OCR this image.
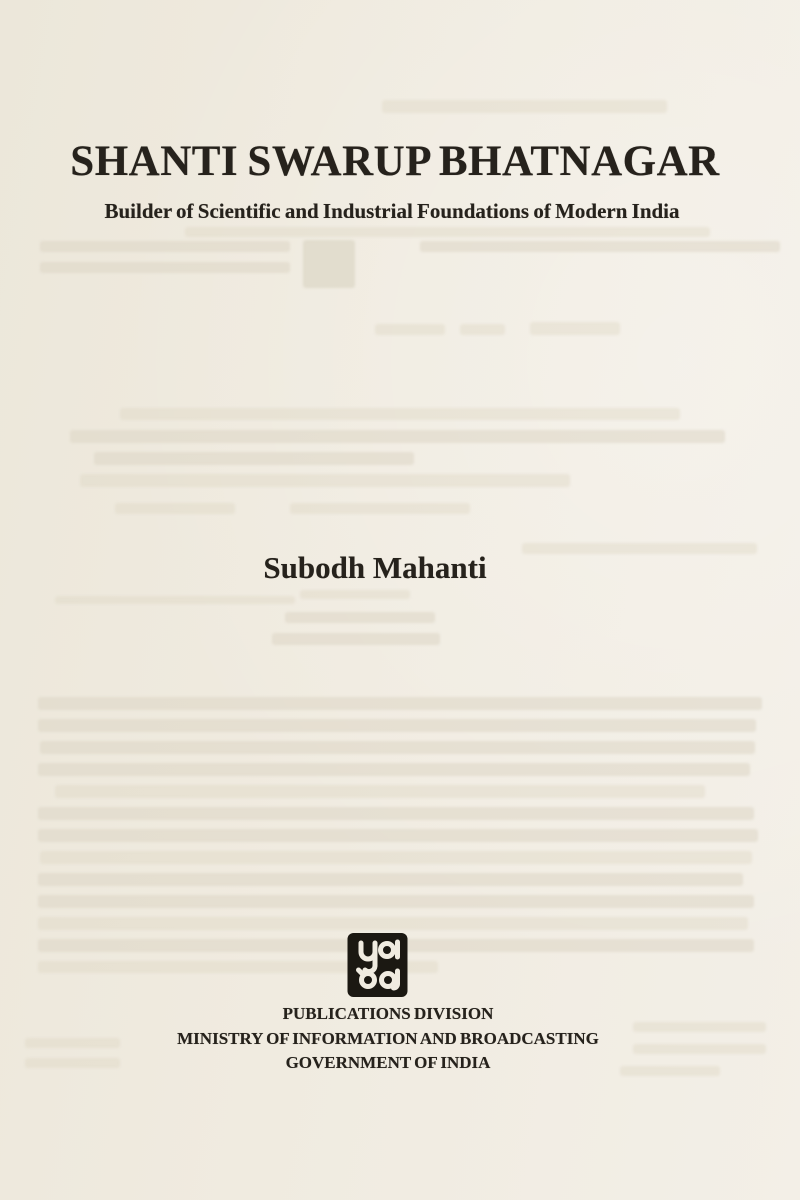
SHANTI SWARUP BHATNAGAR
Builder of Scientific and Industrial Foundations of Modern India
Subodh Mahanti
PUBLICATIONS DIVISION
MINISTRY OF INFORMATION AND BROADCASTING
GOVERNMENT OF INDIA
